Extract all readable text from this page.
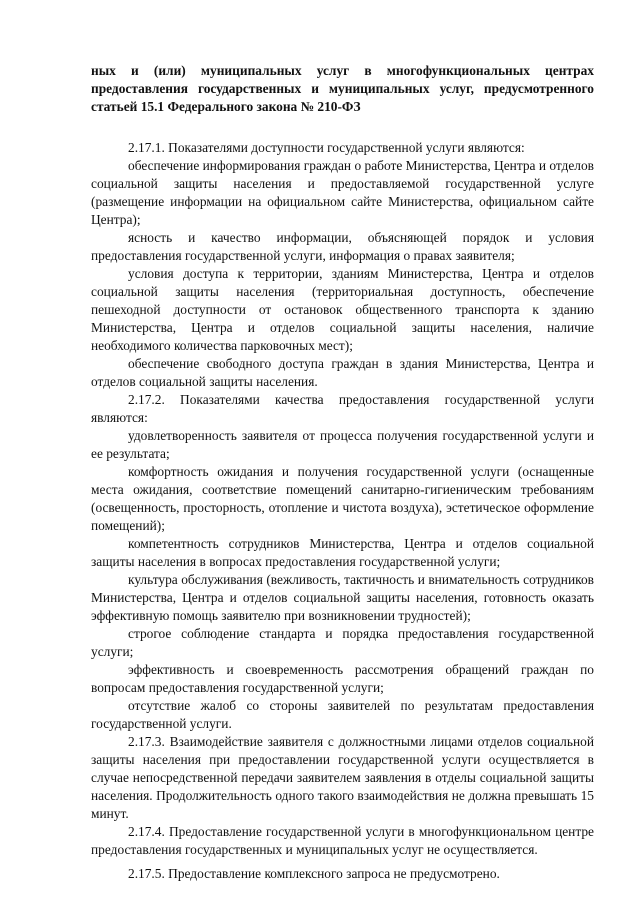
ных и (или) муниципальных услуг в многофункциональных центрах предоставления государственных и муниципальных услуг, предусмотренного статьей 15.1 Федерального закона № 210-ФЗ

2.17.1. Показателями доступности государственной услуги являются:

обеспечение информирования граждан о работе Министерства, Центра и отделов социальной защиты населения и предоставляемой государственной услуге (размещение информации на официальном сайте Министерства, официальном сайте Центра);

ясность и качество информации, объясняющей порядок и условия предоставления государственной услуги, информация о правах заявителя;

условия доступа к территории, зданиям Министерства, Центра и отделов социальной защиты населения (территориальная доступность, обеспечение пешеходной доступности от остановок общественного транспорта к зданию Министерства, Центра и отделов социальной защиты населения, наличие необходимого количества парковочных мест);

обеспечение свободного доступа граждан в здания Министерства, Центра и отделов социальной защиты населения.

2.17.2. Показателями качества предоставления государственной услуги являются:

удовлетворенность заявителя от процесса получения государственной услуги и ее результата;

комфортность ожидания и получения государственной услуги (оснащенные места ожидания, соответствие помещений санитарно-гигиеническим требованиям (освещенность, просторность, отопление и чистота воздуха), эстетическое оформление помещений);

компетентность сотрудников Министерства, Центра и отделов социальной защиты населения в вопросах предоставления государственной услуги;

культура обслуживания (вежливость, тактичность и внимательность сотрудников Министерства, Центра и отделов социальной защиты населения, готовность оказать эффективную помощь заявителю при возникновении трудностей);

строгое соблюдение стандарта и порядка предоставления государственной услуги;

эффективность и своевременность рассмотрения обращений граждан по вопросам предоставления государственной услуги;

отсутствие жалоб со стороны заявителей по результатам предоставления государственной услуги.

2.17.3. Взаимодействие заявителя с должностными лицами отделов социальной защиты населения при предоставлении государственной услуги осуществляется в случае непосредственной передачи заявителем заявления в отделы социальной защиты населения. Продолжительность одного такого взаимодействия не должна превышать 15 минут.

2.17.4. Предоставление государственной услуги в многофункциональном центре предоставления государственных и муниципальных услуг не осуществляется.

2.17.5. Предоставление комплексного запроса не предусмотрено.
